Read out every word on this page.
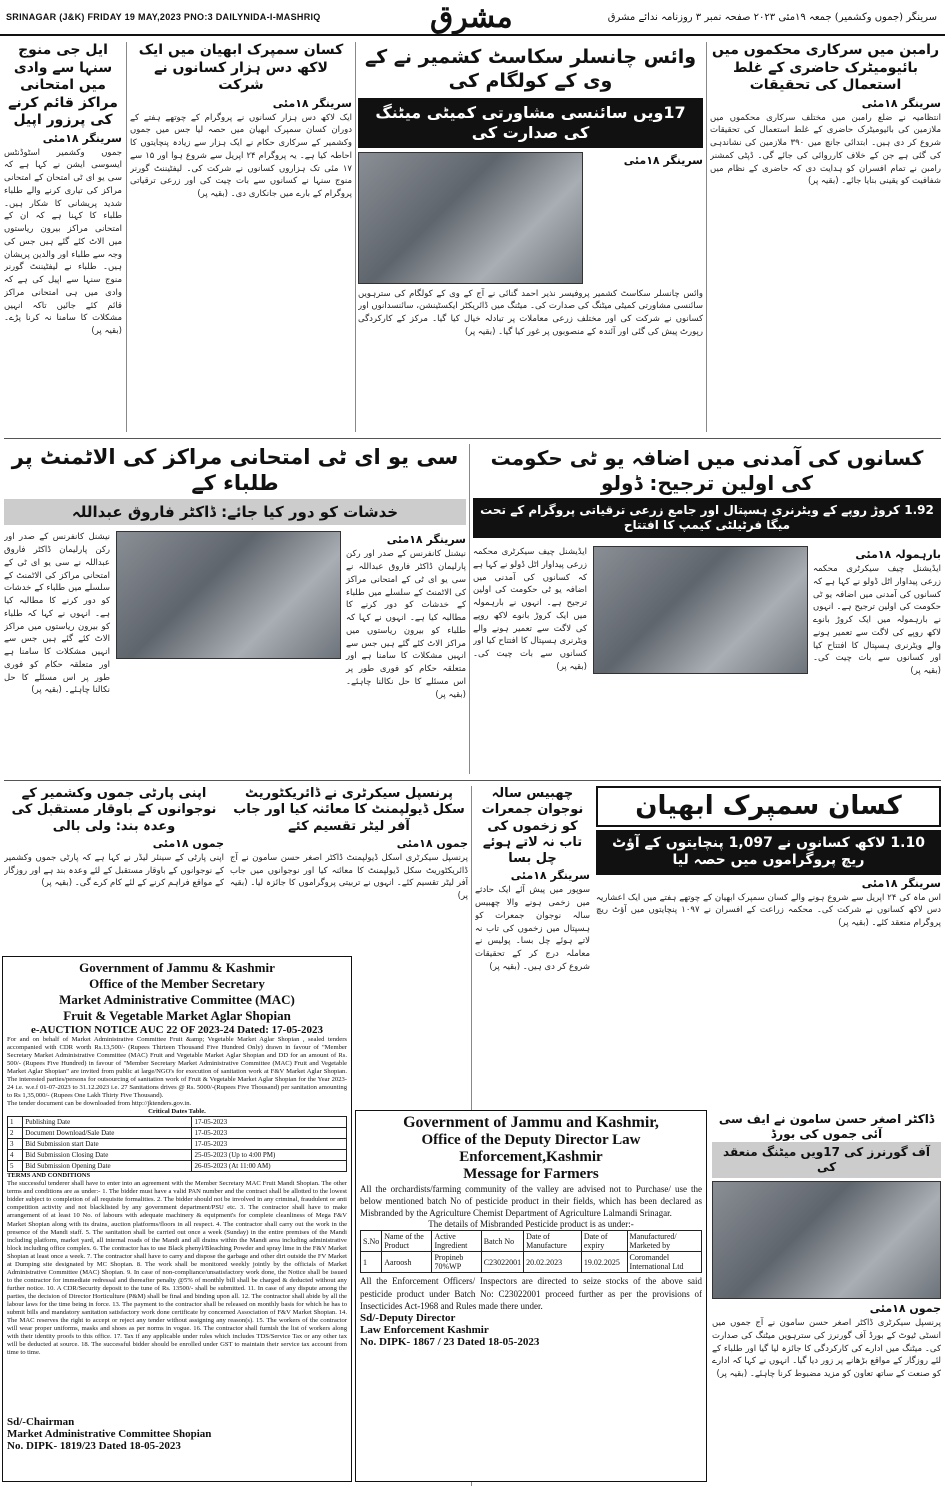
SRINAGAR (J&K) FRIDAY 19 MAY,2023 PNO:3 DAILYNIDA-I-MASHRIQ	مشرق	سرینگر (جموں وکشمیر) جمعہ ۱۹مئی ۲۰۲۳ صفحہ نمبر ۳ روزنامہ ندائے مشرق
ایل جی منوج سنہا سے وادی میں امتحانی مراکز قائم کرنے کی پرزور اپیل
سرینگر ۱۸مئی
جموں وکشمیر اسٹوڈنٹس ایسوسی ایشن نے کہا ہے کہ سی یو ای ٹی امتحان کے امتحانی مراکز کی تیاری کرنے والے طلباء شدید پریشانی کا شکار ہیں۔ طلباء کا کہنا ہے کہ ان کے امتحانی مراکز بیرون ریاستوں میں الاٹ کئے گئے ہیں جس کی وجہ سے طلباء اور والدین پریشان ہیں۔ طلباء نے لیفٹیننٹ گورنر منوج سنہا سے اپیل کی ہے کہ وادی میں ہی امتحانی مراکز قائم کئے جائیں تاکہ انہیں مشکلات کا سامنا نہ کرنا پڑے۔ (بقیہ پر)
کسان سمپرک ابھیان میں ایک لاکھ دس ہزار کسانوں نے شرکت
سرینگر ۱۸مئی
ایک لاکھ دس ہزار کسانوں نے پروگرام کے چوتھے ہفتے کے دوران کسان سمپرک ابھیان میں حصہ لیا جس میں جموں وکشمیر کے سرکاری حکام نے ایک ہزار سے زیادہ پنچایتوں کا احاطہ کیا ہے۔ یہ پروگرام ۲۴ اپریل سے شروع ہوا اور ۱۵ سے ۱۷ مئی تک ہزاروں کسانوں نے شرکت کی۔ لیفٹیننٹ گورنر منوج سنہا نے کسانوں سے بات چیت کی اور زرعی ترقیاتی پروگرام کے بارے میں جانکاری دی۔ (بقیہ پر)
وائس چانسلر سکاسٹ کشمیر نے کے وی کے کولگام کی
17ویں سائنسی مشاورتی کمیٹی میٹنگ کی صدارت کی
سرینگر ۱۸مئی
وائس چانسلر سکاسٹ کشمیر پروفیسر نذیر احمد گنائی نے آج کے وی کے کولگام کی سترہویں سائنسی مشاورتی کمیٹی میٹنگ کی صدارت کی۔ میٹنگ میں ڈائریکٹر ایکسٹینشن، سائنسدانوں اور کسانوں نے شرکت کی اور مختلف زرعی معاملات پر تبادلہ خیال کیا گیا۔ مرکز کے کارکردگی رپورٹ پیش کی گئی اور آئندہ کے منصوبوں پر غور کیا گیا۔ (بقیہ پر)
رامبن میں سرکاری محکموں میں بائیومیٹرک حاضری کے غلط استعمال کی تحقیقات
سرینگر ۱۸مئی
انتظامیہ نے ضلع رامبن میں مختلف سرکاری محکموں میں ملازمین کی بائیومیٹرک حاضری کے غلط استعمال کی تحقیقات شروع کر دی ہیں۔ ابتدائی جانچ میں ۳۹۰ ملازمین کی نشاندہی کی گئی ہے جن کے خلاف کارروائی کی جائے گی۔ ڈپٹی کمشنر رامبن نے تمام افسران کو ہدایت دی کہ حاضری کے نظام میں شفافیت کو یقینی بنایا جائے۔ (بقیہ پر)
سی یو ای ٹی امتحانی مراکز کی الاٹمنٹ پر طلباء کے
خدشات کو دور کیا جائے: ڈاکٹر فاروق عبداللہ
سرینگر ۱۸مئی
نیشنل کانفرنس کے صدر اور رکن پارلیمان ڈاکٹر فاروق عبداللہ نے سی یو ای ٹی کے امتحانی مراکز کی الاٹمنٹ کے سلسلے میں طلباء کے خدشات کو دور کرنے کا مطالبہ کیا ہے۔ انہوں نے کہا کہ طلباء کو بیرون ریاستوں میں مراکز الاٹ کئے گئے ہیں جس سے انہیں مشکلات کا سامنا ہے اور متعلقہ حکام کو فوری طور پر اس مسئلے کا حل نکالنا چاہئے۔ (بقیہ پر)
نیشنل کانفرنس کے صدر اور رکن پارلیمان ڈاکٹر فاروق عبداللہ نے سی یو ای ٹی کے امتحانی مراکز کی الاٹمنٹ کے سلسلے میں طلباء کے خدشات کو دور کرنے کا مطالبہ کیا ہے۔ انہوں نے کہا کہ طلباء کو بیرون ریاستوں میں مراکز الاٹ کئے گئے ہیں جس سے انہیں مشکلات کا سامنا ہے اور متعلقہ حکام کو فوری طور پر اس مسئلے کا حل نکالنا چاہئے۔ (بقیہ پر)
کسانوں کی آمدنی میں اضافہ یو ٹی حکومت کی اولین ترجیح: ڈولو
1.92 کروڑ روپے کے ویٹرنری ہسپتال اور جامع زرعی ترقیاتی پروگرام کے تحت میگا فرٹیلٹی کیمپ کا افتتاح
بارہمولہ ۱۸مئی
ایڈیشنل چیف سیکرٹری محکمہ زرعی پیداوار اٹل ڈولو نے کہا ہے کہ کسانوں کی آمدنی میں اضافہ یو ٹی حکومت کی اولین ترجیح ہے۔ انہوں نے بارہمولہ میں ایک کروڑ بانوے لاکھ روپے کی لاگت سے تعمیر ہونے والے ویٹرنری ہسپتال کا افتتاح کیا اور کسانوں سے بات چیت کی۔ (بقیہ پر)
ایڈیشنل چیف سیکرٹری محکمہ زرعی پیداوار اٹل ڈولو نے کہا ہے کہ کسانوں کی آمدنی میں اضافہ یو ٹی حکومت کی اولین ترجیح ہے۔ انہوں نے بارہمولہ میں ایک کروڑ بانوے لاکھ روپے کی لاگت سے تعمیر ہونے والے ویٹرنری ہسپتال کا افتتاح کیا اور کسانوں سے بات چیت کی۔ (بقیہ پر)
اپنی پارٹی جموں وکشمیر کے نوجوانوں کے باوقار مستقبل کی وعدہ بند: ولی بالی
جموں ۱۸مئی
اپنی پارٹی کے سینئر لیڈر نے کہا ہے کہ پارٹی جموں وکشمیر کے نوجوانوں کے باوقار مستقبل کے لئے وعدہ بند ہے اور روزگار کے مواقع فراہم کرنے کے لئے کام کرے گی۔ (بقیہ پر)
پرنسپل سیکرٹری نے ڈائریکٹوریٹ سکل ڈیولپمنٹ کا معائنہ کیا اور جاب آفر لیٹر تقسیم کئے
جموں ۱۸مئی
پرنسپل سیکرٹری اسکل ڈیولپمنٹ ڈاکٹر اصغر حسن سامون نے آج ڈائریکٹوریٹ سکل ڈیولپمنٹ کا معائنہ کیا اور نوجوانوں میں جاب آفر لیٹر تقسیم کئے۔ انہوں نے تربیتی پروگراموں کا جائزہ لیا۔ (بقیہ پر)
چھبیس سالہ نوجوان جمعرات کو زخموں کی تاب نہ لاتے ہوئے چل بسا
سرینگر ۱۸مئی
سوپور میں پیش آئے ایک حادثے میں زخمی ہونے والا چھبیس سالہ نوجوان جمعرات کو ہسپتال میں زخموں کی تاب نہ لاتے ہوئے چل بسا۔ پولیس نے معاملہ درج کر کے تحقیقات شروع کر دی ہیں۔ (بقیہ پر)
کسان سمپرک ابھیان
1.10 لاکھ کسانوں نے 1,097 پنچایتوں کے آؤٹ ریچ پروگراموں میں حصہ لیا
سرینگر ۱۸مئی
اس ماہ کی ۲۴ اپریل سے شروع ہونے والے کسان سمپرک ابھیان کے چوتھے ہفتے میں ایک اعشاریہ دس لاکھ کسانوں نے شرکت کی۔ محکمہ زراعت کے افسران نے ۱۰۹۷ پنچایتوں میں آؤٹ ریچ پروگرام منعقد کئے۔ (بقیہ پر)
Government of Jammu & Kashmir
Office of the Member Secretary
Market Administrative Committee (MAC)
Fruit & Vegetable Market Aglar Shopian
e-AUCTION NOTICE AUC 22 OF 2023-24 Dated: 17-05-2023
For and on behalf of Market Administrative Committee Fruit &amp; Vegetable Market Aglar Shopian , sealed tenders accompanied with CDR worth Rs.13,500/- (Rupees Thirteen Thousand Five Hundred Only) drawn in favour of "Member Secretary Market Administrative Committee (MAC) Fruit and Vegetable Market Aglar Shopian and DD for an amount of Rs. 500/- (Rupees Five Hundred) in favour of "Member Secretary Market Administrative Committee (MAC) Fruit and Vegetable Market Aglar Shopian" are invited from public at large/NGO's for execution of sanitation work at F&V Market Aglar Shopian. The interested parties/persons for outsourcing of sanitation work of Fruit & Vegetable Market Aglar Shopian for the Year 2023-24 i.e. w.e.f 01-07-2023 to 31.12.2023 i.e. 27 Sanitations drives @ Rs. 5000/-(Rupees Five Thousand) per sanitation amounting to Rs 1,35,000/- (Rupees One Lakh Thirty Five Thousand).
The tender document can be downloaded from http://jktenders.gov.in.
Critical Dates Table.
1	Publishing Date	17-05-2023
2	Document Download/Sale Date	17-05-2023
3	Bid Submission start Date	17-05-2023
4	Bid Submission Closing Date	25-05-2023 (Up to 4:00 PM)
5	Bid Submission Opening Date	26-05-2023 (At 11:00 AM)
TERMS AND CONDITIONS
The successful tenderer shall have to enter into an agreement with the Member Secretary MAC Fruit Mandi Shopian. The other terms and conditions are as under:- 1. The bidder must have a valid PAN number and the contract shall be allotted to the lowest bidder subject to completion of all requisite formalities. 2. The bidder should not be involved in any criminal, fraudulent or anti competition activity and not blacklisted by any government department/PSU etc. 3. The contractor shall have to make arrangement of at least 10 No. of labours with adequate machinery & equipment's for complete cleanliness of Mega F&V Market Shopian along with its drains, auction platforms/floors in all respect. 4. The contractor shall carry out the work in the presence of the Mandi staff. 5. The sanitation shall be carried out once a week (Sunday) in the entire premises of the Mandi including platform, market yard, all internal roads of the Mandi and all drains within the Mandi area including administrative block including office complex. 6. The contractor has to use Black phenyl/Bleaching Powder and spray lime in the F&V Market Shopian at least once a week. 7. The contractor shall have to carry and dispose the garbage and other dirt outside the FV Market at Dumping site designated by MC Shopian. 8. The work shall be monitored weekly jointly by the officials of Market Administrative Committee (MAC) Shopian. 9. In case of non-compliance/unsatisfactory work done, the Notice shall be issued to the contractor for immediate redressal and thereafter penalty @5% of monthly bill shall be charged & deducted without any further notice. 10. A CDR/Security deposit to the tune of Rs. 13500/- shall be submitted. 11. In case of any dispute among the parties, the decision of Director Horticulture (P&M) shall be final and binding upon all. 12. The contractor shall abide by all the labour laws for the time being in force. 13. The payment to the contractor shall be released on monthly basis for which he has to submit bills and mandatory sanitation satisfactory work done certificate by concerned Association of F&V Market Shopian. 14. The MAC reserves the right to accept or reject any tender without assigning any reason(s). 15. The workers of the contractor will wear proper uniforms, masks and shoes as per norms in vogue. 16. The contractor shall furnish the list of workers along with their identity proofs to this office. 17. Tax if any applicable under rules which includes TDS/Service Tax or any other tax will be deducted at source. 18. The successful bidder should be enrolled under GST to maintain their service tax account from time to time.
Sd/-Chairman
Market Administrative Committee Shopian
No. DIPK- 1819/23 Dated 18-05-2023
Government of Jammu and Kashmir,
Office of the Deputy Director Law
Enforcement,Kashmir
Message for Farmers
All the orchardists/farming community of the valley are advised not to Purchase/ use the below mentioned batch No of pesticide product in their fields, which has been declared as Misbranded by the Agriculture Chemist Department of Agriculture Lalmandi Srinagar.
The details of Misbranded Pesticide product is as under:-
S.No	Name of the Product	Active Ingredient	Batch No	Date of Manufacture	Date of expiry	Manufactured/ Marketed by
1	Aaroosh	Propineb 70%WP	C23022001	20.02.2023	19.02.2025	Coromandel International Ltd
All the Enforcement Officers/ Inspectors are directed to seize stocks of the above said pesticide product under Batch No: C23022001 proceed further as per the provisions of Insecticides Act-1968 and Rules made there under.
Sd/-Deputy Director
Law Enforcement Kashmir
No. DIPK- 1867 / 23 Dated 18-05-2023
ڈاکٹر اصغر حسن سامون نے ایف سی آئی جموں کی بورڈ
آف گورنرز کی 17ویں میٹنگ منعقد کی
جموں ۱۸مئی
پرنسپل سیکرٹری ڈاکٹر اصغر حسن سامون نے آج جموں میں انسٹی ٹیوٹ کے بورڈ آف گورنرز کی سترہویں میٹنگ کی صدارت کی۔ میٹنگ میں ادارے کی کارکردگی کا جائزہ لیا گیا اور طلباء کے لئے روزگار کے مواقع بڑھانے پر زور دیا گیا۔ انہوں نے کہا کہ ادارے کو صنعت کے ساتھ تعاون کو مزید مضبوط کرنا چاہئے۔ (بقیہ پر)
